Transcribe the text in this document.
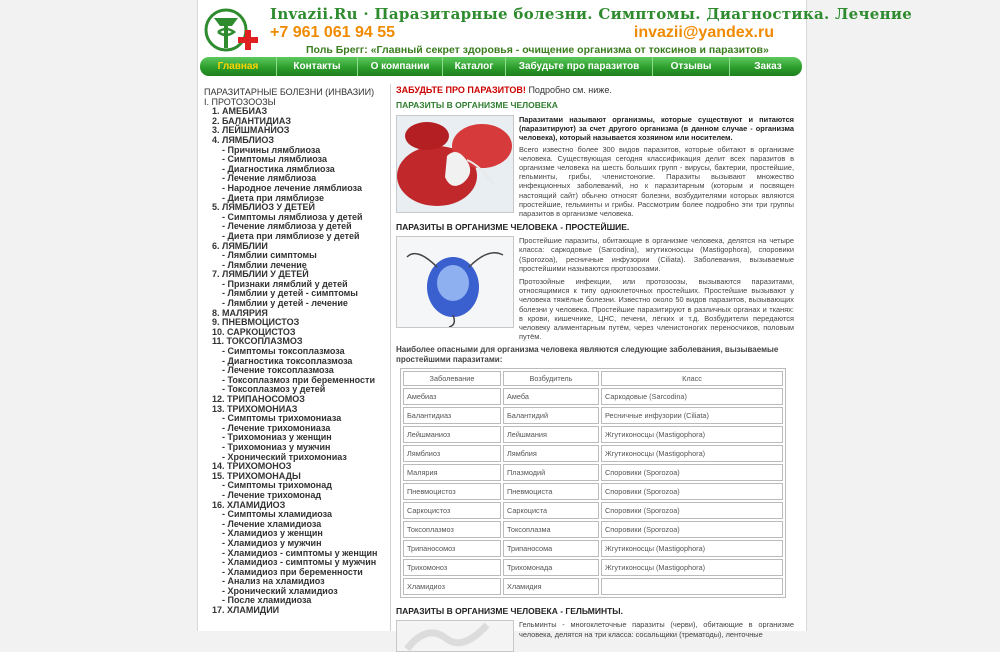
Invazii.Ru · Паразитарные болезни. Симптомы. Диагностика. Лечение
+7 961 061 94 55	invazii@yandex.ru
Поль Брегг: «Главный секрет здоровья - очищение организма от токсинов и паразитов»
Главная	Контакты	О компании	Каталог	Забудьте про паразитов	Отзывы	Заказ
ПАРАЗИТАРНЫЕ БОЛЕЗНИ (ИНВАЗИИ)
I. ПРОТОЗООЗЫ
1. АМЕБИАЗ
2. БАЛАНТИДИАЗ
3. ЛЕЙШМАНИОЗ
4. ЛЯМБЛИОЗ
- Причины лямблиоза
- Симптомы лямблиоза
- Диагностика лямблиоза
- Лечение лямблиоза
- Народное лечение лямблиоза
- Диета при лямблиозе
5. ЛЯМБЛИОЗ У ДЕТЕЙ
- Симптомы лямблиоза у детей
- Лечение лямблиоза у детей
- Диета при лямблиозе у детей
6. ЛЯМБЛИИ
- Лямблии симптомы
- Лямблии лечение
7. ЛЯМБЛИИ У ДЕТЕЙ
- Признаки лямблий у детей
- Лямблии у детей - симптомы
- Лямблии у детей - лечение
8. МАЛЯРИЯ
9. ПНЕВМОЦИСТОЗ
10. САРКОЦИСТОЗ
11. ТОКСОПЛАЗМОЗ
- Симптомы токсоплазмоза
- Диагностика токсоплазмоза
- Лечение токсоплазмоза
- Токсоплазмоз при беременности
- Токсоплазмоз у детей
12. ТРИПАНОСОМОЗ
13. ТРИХОМОНИАЗ
- Симптомы трихомониаза
- Лечение трихомониаза
- Трихомониаз у женщин
- Трихомониаз у мужчин
- Хронический трихомониаз
14. ТРИХОМОНОЗ
15. ТРИХОМОНАДЫ
- Симптомы трихомонад
- Лечение трихомонад
16. ХЛАМИДИОЗ
- Симптомы хламидиоза
- Лечение хламидиоза
- Хламидиоз у женщин
- Хламидиоз у мужчин
- Хламидиоз - симптомы у женщин
- Хламидиоз - симптомы у мужчин
- Хламидиоз при беременности
- Анализ на хламидиоз
- Хронический хламидиоз
- После хламидиоза
17. ХЛАМИДИИ
ЗАБУДЬТЕ ПРО ПАРАЗИТОВ! Подробно см. ниже.
ПАРАЗИТЫ В ОРГАНИЗМЕ ЧЕЛОВЕКА
Паразитами называют организмы, которые существуют и питаются (паразитируют) за счет другого организма (в данном случае - организма человека), который называется хозяином или носителем.
Всего известно более 300 видов паразитов, которые обитают в организме человека. Существующая сегодня классификация делит всех паразитов в организме человека на шесть больших групп - вирусы, бактерии, простейшие, гельминты, грибы, членистоногие. Паразиты вызывают множество инфекционных заболеваний, но к паразитарным (которым и посвящен настоящий сайт) обычно относят болезни, возбудителями которых являются простейшие, гельминты и грибы. Рассмотрим более подробно эти три группы паразитов в организме человека.
ПАРАЗИТЫ В ОРГАНИЗМЕ ЧЕЛОВЕКА - ПРОСТЕЙШИЕ.
Простейшие паразиты, обитающие в организме человека, делятся на четыре класса: саркодовые (Sarcodina), жгутиконосцы (Mastigophora), споровики (Sporozoa), ресничные инфузории (Ciliata). Заболевания, вызываемые простейшими называются протозоозами.
Протозойные инфекции, или протозоозы, вызываются паразитами, относящимися к типу одноклеточных простейших. Простейшие вызывают у человека тяжёлые болезни. Известно около 50 видов паразитов, вызывающих болезни у человека. Простейшие паразитируют в различных органах и тканях: в крови, кишечнике, ЦНС, печени, лёгких и т.д. Возбудители передаются человеку алиментарным путём, через членистоногих переносчиков, половым путём.
Наиболее опасными для организма человека являются следующие заболевания, вызываемые простейшими паразитами:
Заболевание	Возбудитель	Класс
Амебиаз	Амеба	Саркодовые (Sarcodina)
Балантидиаз	Балантидий	Ресничные инфузории (Ciliata)
Лейшманиоз	Лейшмания	Жгутиконосцы (Mastigophora)
Лямблиоз	Лямблия	Жгутиконосцы (Mastigophora)
Малярия	Плазмодий	Споровики (Sporozoa)
Пневмоцистоз	Пневмоциста	Споровики (Sporozoa)
Саркоцистоз	Саркоциста	Споровики (Sporozoa)
Токсоплазмоз	Токсоплазма	Споровики (Sporozoa)
Трипаносомоз	Трипаносома	Жгутиконосцы (Mastigophora)
Трихомоноз	Трихомонада	Жгутиконосцы (Mastigophora)
Хламидиоз	Хламидия	
ПАРАЗИТЫ В ОРГАНИЗМЕ ЧЕЛОВЕКА - ГЕЛЬМИНТЫ.
Гельминты - многоклеточные паразиты (черви), обитающие в организме человека, делятся на три класса: сосальщики (трематоды), ленточные
